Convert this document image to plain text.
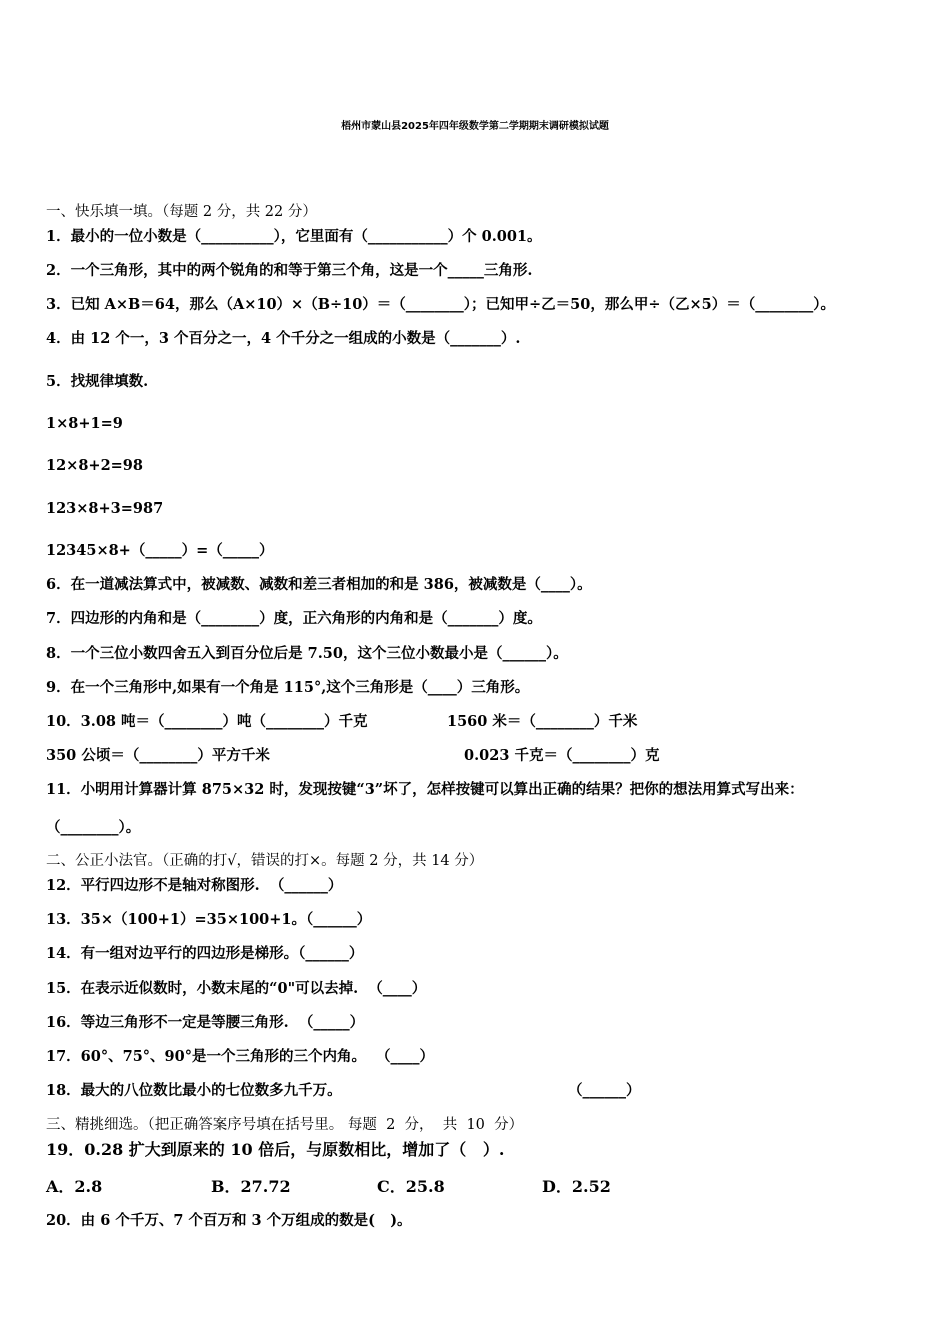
梧州市蒙山县2025年四年级数学第二学期期末调研模拟试题
一、快乐填一填。（每题 2 分，共 22 分）
1．最小的一位小数是（__________），它里面有（___________）个 0.001。
2．一个三角形，其中的两个锐角的和等于第三个角，这是一个_____三角形.
3．已知 A×B＝64，那么（A×10）×（B÷10）＝（________）；已知甲÷乙＝50，那么甲÷（乙×5）＝（________）。
4．由 12 个一，3 个百分之一，4 个千分之一组成的小数是（_______）.
5．找规律填数.
1×8+1=9
12×8+2=98
123×8+3=987
12345×8+（_____）=（_____）
6．在一道减法算式中，被减数、减数和差三者相加的和是 386，被减数是（____）。
7．四边形的内角和是（________）度，正六角形的内角和是（_______）度。
8．一个三位小数四舍五入到百分位后是 7.50，这个三位小数最小是（______）。
9．在一个三角形中,如果有一个角是 115°,这个三角形是（____）三角形。
10．3.08 吨＝（________）吨（________）千克	1560 米＝（________）千米
350 公顷＝（________）平方千米	0.023 千克＝（________）克
11．小明用计算器计算 875×32 时，发现按键“3”坏了，怎样按键可以算出正确的结果？把你的想法用算式写出来：
（________）。
二、公正小法官。（正确的打√，错误的打×。每题 2 分，共 14 分）
12．平行四边形不是轴对称图形.  （______）
13．35×（100+1）=35×100+1。（______）
14．有一组对边平行的四边形是梯形。（______）
15．在表示近似数时，小数末尾的“0"可以去掉.  （____）
16．等边三角形不一定是等腰三角形.  （_____）
17．60°、75°、90°是一个三角形的三个内角。  （____）
18．最大的八位数比最小的七位数多九千万。	（______）
三、精挑细选。（把正确答案序号填在括号里。 每题  2  分，  共  10  分）
19．0.28 扩大到原来的 10 倍后，与原数相比，增加了（   ）.
A．2.8	B．27.72	C．25.8	D．2.52
20．由 6 个千万、7 个百万和 3 个万组成的数是(   )。
